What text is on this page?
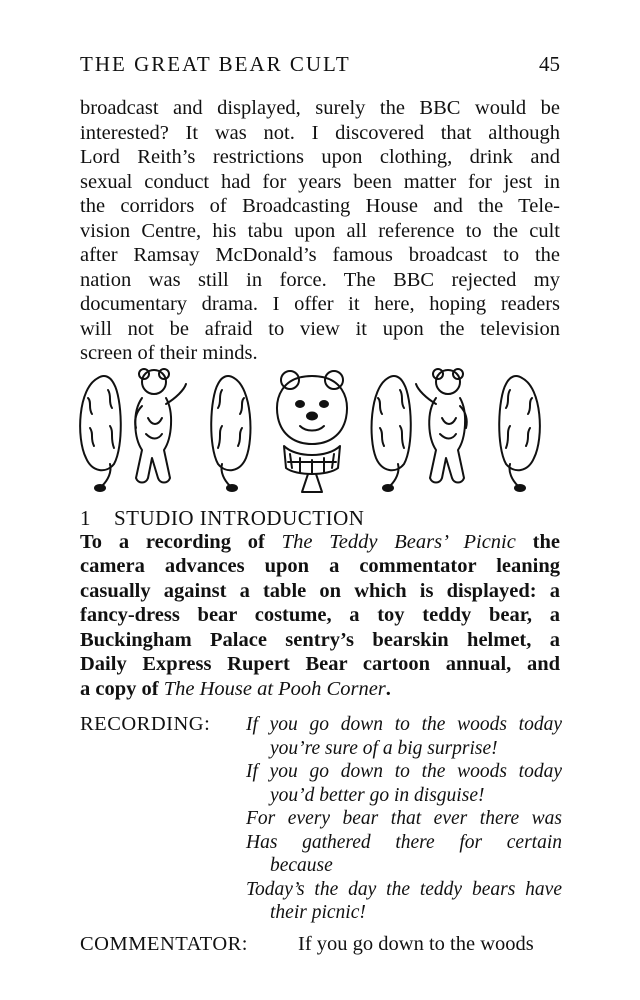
THE GREAT BEAR CULT	45
broadcast and displayed, surely the BBC would be
interested? It was not. I discovered that although
Lord Reith’s restrictions upon clothing, drink and
sexual conduct had for years been matter for jest in
the corridors of Broadcasting House and the Tele-
vision Centre, his tabu upon all reference to the cult
after Ramsay McDonald’s famous broadcast to the
nation was still in force. The BBC rejected my
documentary drama. I offer it here, hoping readers
will not be afraid to view it upon the television
screen of their minds.
1 STUDIO INTRODUCTION
To a recording of The Teddy Bears’ Picnic the
camera advances upon a commentator leaning
casually against a table on which is displayed: a
fancy-dress bear costume, a toy teddy bear, a
Buckingham Palace sentry’s bearskin helmet, a
Daily Express Rupert Bear cartoon annual, and
a copy of The House at Pooh Corner.
RECORDING: If you go down to the woods today
you’re sure of a big surprise!
If you go down to the woods today
you’d better go in disguise!
For every bear that ever there was
Has gathered there for certain
because
Today’s the day the teddy bears have
their picnic!
COMMENTATOR: If you go down to the woods
